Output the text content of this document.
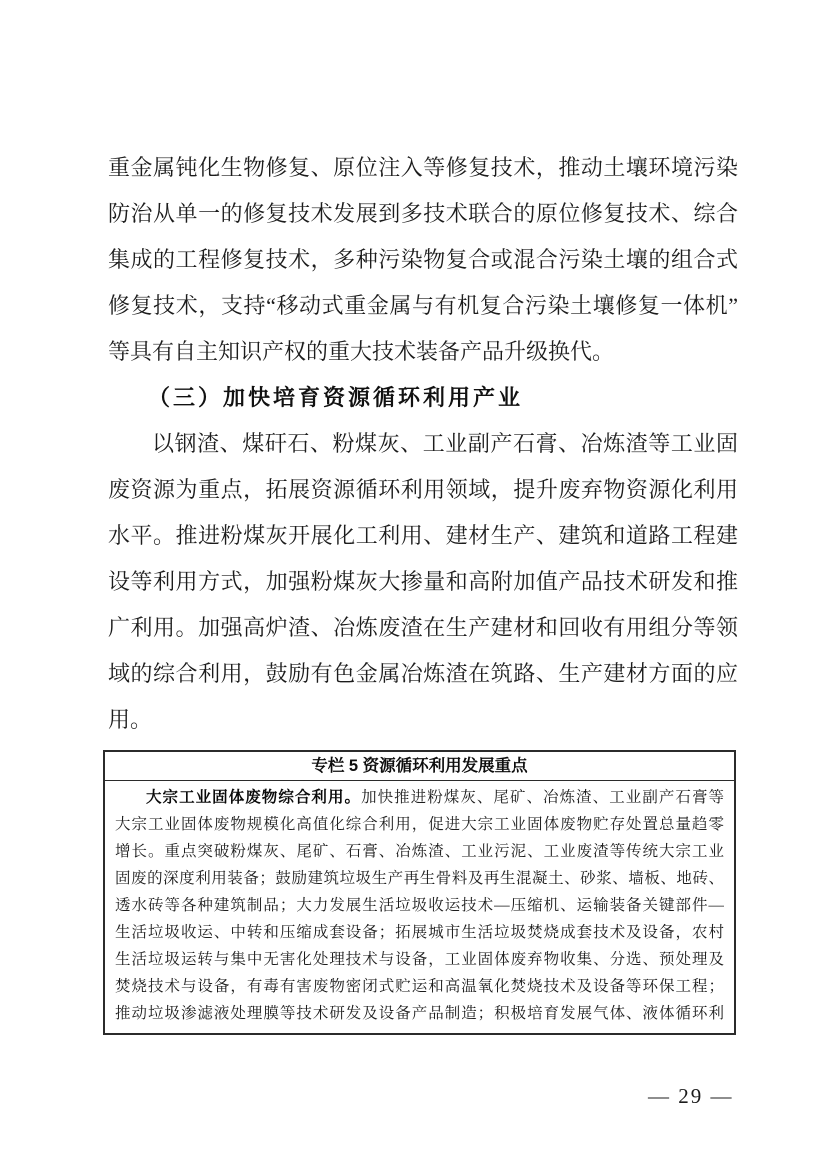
重金属钝化生物修复、原位注入等修复技术，推动土壤环境污染
防治从单一的修复技术发展到多技术联合的原位修复技术、综合
集成的工程修复技术，多种污染物复合或混合污染土壤的组合式
修复技术，支持“移动式重金属与有机复合污染土壤修复一体机”
等具有自主知识产权的重大技术装备产品升级换代。
（三）加快培育资源循环利用产业
以钢渣、煤矸石、粉煤灰、工业副产石膏、冶炼渣等工业固
废资源为重点，拓展资源循环利用领域，提升废弃物资源化利用
水平。推进粉煤灰开展化工利用、建材生产、建筑和道路工程建
设等利用方式，加强粉煤灰大掺量和高附加值产品技术研发和推
广利用。加强高炉渣、冶炼废渣在生产建材和回收有用组分等领
域的综合利用，鼓励有色金属冶炼渣在筑路、生产建材方面的应
用。
专栏 5 资源循环利用发展重点
大宗工业固体废物综合利用。加快推进粉煤灰、尾矿、冶炼渣、工业副产石膏等
大宗工业固体废物规模化高值化综合利用，促进大宗工业固体废物贮存处置总量趋零
增长。重点突破粉煤灰、尾矿、石膏、冶炼渣、工业污泥、工业废渣等传统大宗工业
固废的深度利用装备；鼓励建筑垃圾生产再生骨料及再生混凝土、砂浆、墙板、地砖、
透水砖等各种建筑制品；大力发展生活垃圾收运技术—压缩机、运输装备关键部件—
生活垃圾收运、中转和压缩成套设备；拓展城市生活垃圾焚烧成套技术及设备，农村
生活垃圾运转与集中无害化处理技术与设备，工业固体废弃物收集、分选、预处理及
焚烧技术与设备，有毒有害废物密闭式贮运和高温氧化焚烧技术及设备等环保工程；
推动垃圾渗滤液处理膜等技术研发及设备产品制造；积极培育发展气体、液体循环利
— 29 —
